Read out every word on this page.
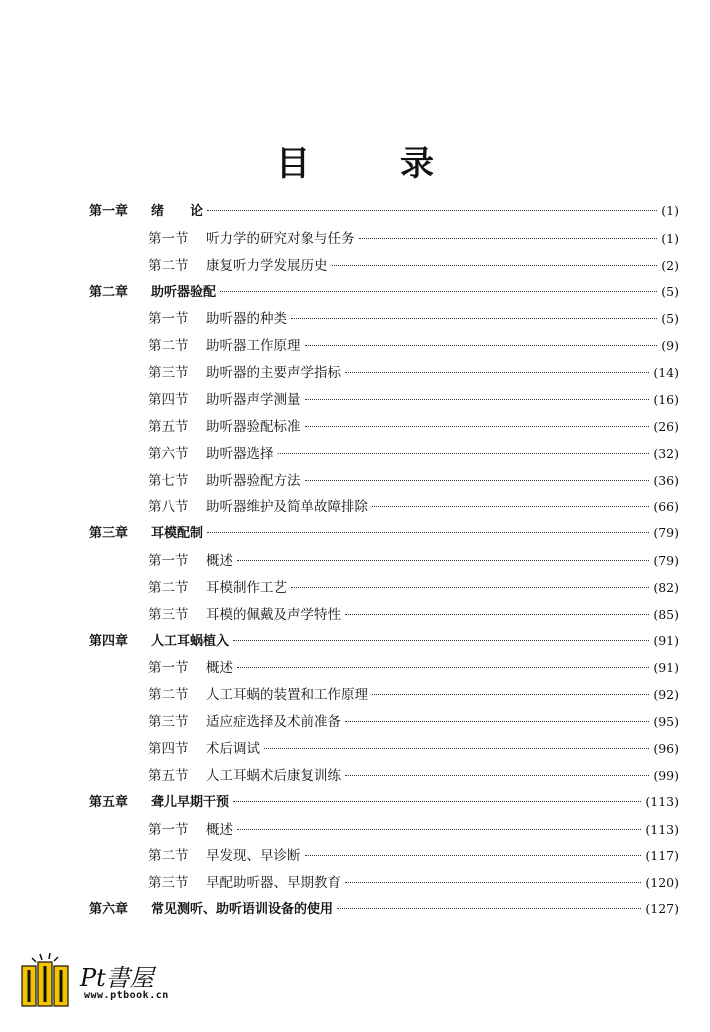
目　录
第一章	绪　　论	(1)
第一节	听力学的研究对象与任务	(1)
第二节	康复听力学发展历史	(2)
第二章	助听器验配	(5)
第一节	助听器的种类	(5)
第二节	助听器工作原理	(9)
第三节	助听器的主要声学指标	(14)
第四节	助听器声学测量	(16)
第五节	助听器验配标准	(26)
第六节	助听器选择	(32)
第七节	助听器验配方法	(36)
第八节	助听器维护及简单故障排除	(66)
第三章	耳模配制	(79)
第一节	概述	(79)
第二节	耳模制作工艺	(82)
第三节	耳模的佩戴及声学特性	(85)
第四章	人工耳蜗植入	(91)
第一节	概述	(91)
第二节	人工耳蜗的装置和工作原理	(92)
第三节	适应症选择及术前准备	(95)
第四节	术后调试	(96)
第五节	人工耳蜗术后康复训练	(99)
第五章	聋儿早期干预	(113)
第一节	概述	(113)
第二节	早发现、早诊断	(117)
第三节	早配助听器、早期教育	(120)
第六章	常见测听、助听语训设备的使用	(127)
Pt書屋
www.ptbook.cn
